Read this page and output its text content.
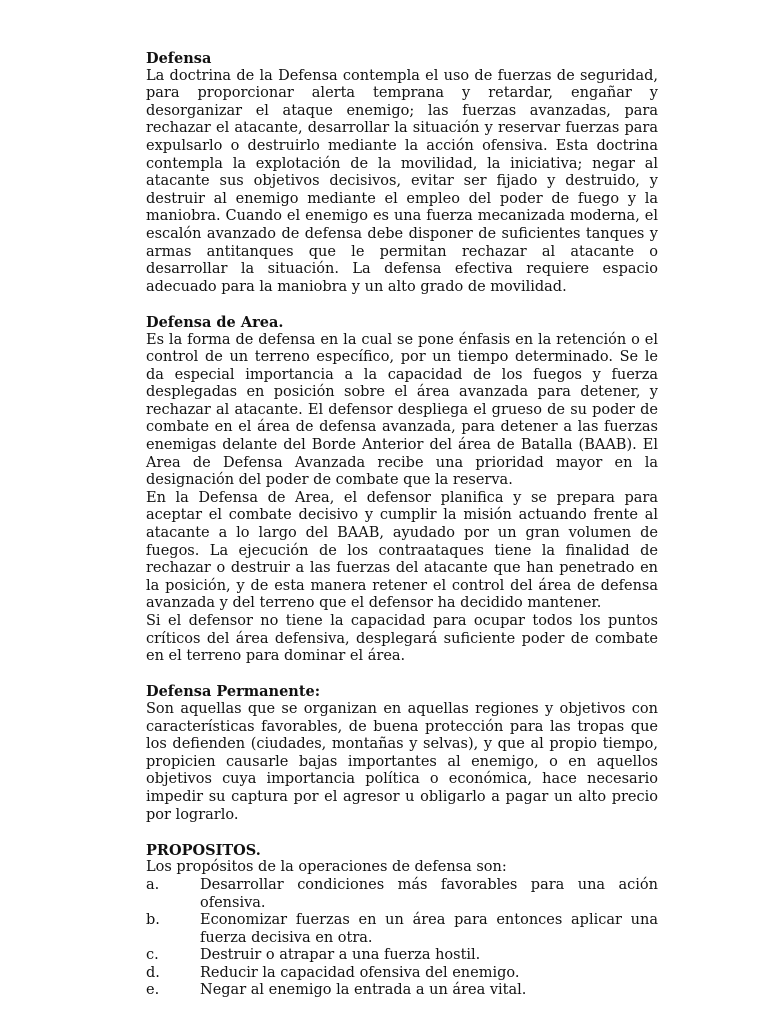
Defensa

La doctrina de la Defensa contempla el uso de fuerzas de seguridad, para proporcionar alerta temprana y retardar, engañar y desorganizar el ataque enemigo; las fuerzas avanzadas, para rechazar el atacante, desarrollar la situación y reservar fuerzas para expulsarlo o destruirlo mediante la acción ofensiva. Esta doctrina contempla la explotación de la movilidad, la iniciativa; negar al atacante sus objetivos decisivos, evitar ser fijado y destruido, y destruir al enemigo mediante el empleo del poder de fuego y la maniobra. Cuando el enemigo es una fuerza mecanizada moderna, el escalón avanzado de defensa debe disponer de suficientes tanques y armas antitanques que le permitan rechazar al atacante o desarrollar la situación. La defensa efectiva requiere espacio adecuado para la maniobra y un alto grado de movilidad.

Defensa de Area.

Es la forma de defensa en la cual se pone énfasis en la retención o el control de un terreno específico, por un tiempo determinado. Se le da especial importancia a la capacidad de los fuegos y fuerza desplegadas en posición sobre el área avanzada para detener, y rechazar al atacante. El defensor despliega el grueso de su poder de combate en el área de defensa avanzada, para detener a las fuerzas enemigas delante del Borde Anterior del área de Batalla (BAAB). El Area de Defensa Avanzada recibe una prioridad mayor en la designación del poder de combate que la reserva.

En la Defensa de Area, el defensor planifica y se prepara para aceptar el combate decisivo y cumplir la misión actuando frente al atacante a lo largo del BAAB, ayudado por un gran volumen de fuegos. La ejecución de los contraataques tiene la finalidad de rechazar o destruir a las fuerzas del atacante que han penetrado en la posición, y de esta manera retener el control del área de defensa avanzada y del terreno que el defensor ha decidido mantener.

Si el defensor no tiene la capacidad para ocupar todos los puntos críticos del área defensiva, desplegará suficiente poder de combate en el terreno para dominar el área.

Defensa Permanente:

Son aquellas que se organizan en aquellas regiones y objetivos con características favorables, de buena protección para las tropas que los defienden (ciudades, montañas y selvas), y que al propio tiempo, propicien causarle bajas importantes al enemigo, o en aquellos objetivos cuya importancia política o económica, hace necesario impedir su captura por el agresor u obligarlo a pagar un alto precio por lograrlo.

PROPOSITOS.

Los propósitos de la operaciones de defensa son:

a.	Desarrollar condiciones más favorables para una ación ofensiva.
b.	Economizar fuerzas en un área para entonces aplicar una fuerza decisiva en otra.
c.	Destruir o atrapar a una fuerza hostil.
d.	Reducir la capacidad ofensiva del enemigo.
e.	Negar al enemigo la entrada a un área vital.
